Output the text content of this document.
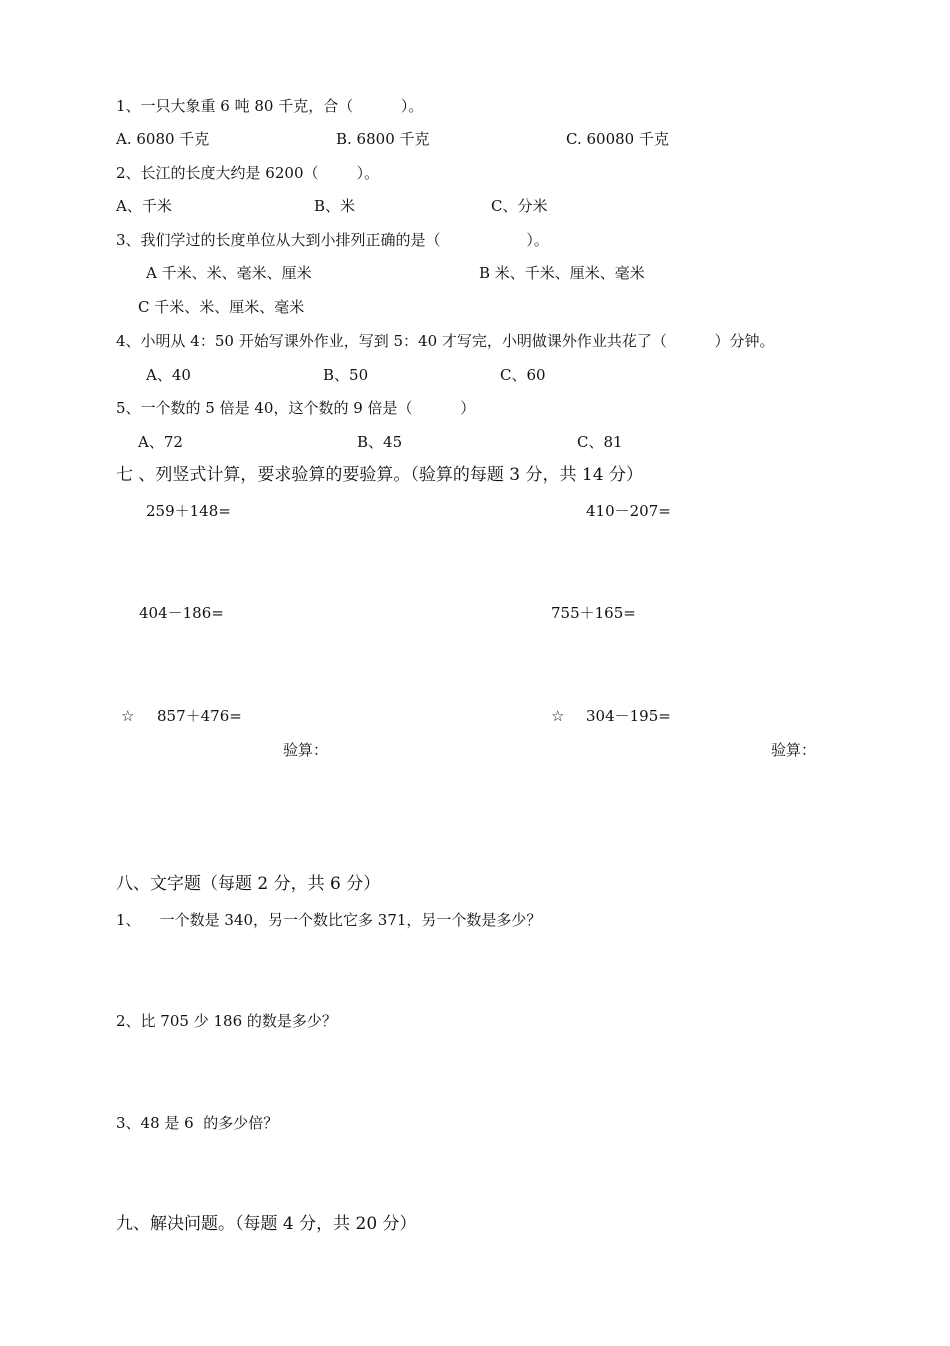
1、一只大象重 6 吨 80 千克，合（          ）。
A. 6080 千克	B. 6800 千克	C. 60080 千克
2、长江的长度大约是 6200（        ）。
A、千米	B、米	C、分米
3、我们学过的长度单位从大到小排列正确的是（                  ）。
A 千米、米、毫米、厘米	B 米、千米、厘米、毫米
C 千米、米、厘米、毫米
4、小明从 4：50 开始写课外作业，写到 5：40 才写完，小明做课外作业共花了（          ）分钟。
A、40	B、50	C、60
5、一个数的 5 倍是 40，这个数的 9 倍是（          ）
A、72	B、45	C、81
七 、列竖式计算，要求验算的要验算。（验算的每题 3 分，共 14 分）
259＋148=	410－207=
404－186=	755＋165=
☆ 857＋476=	☆ 304－195=
验算：	验算：
八、文字题（每题 2 分，共 6 分）
1、    一个数是 340，另一个数比它多 371，另一个数是多少？
2、比 705 少 186 的数是多少？
3、48 是 6  的多少倍？
九、解决问题。（每题 4 分，共 20 分）
